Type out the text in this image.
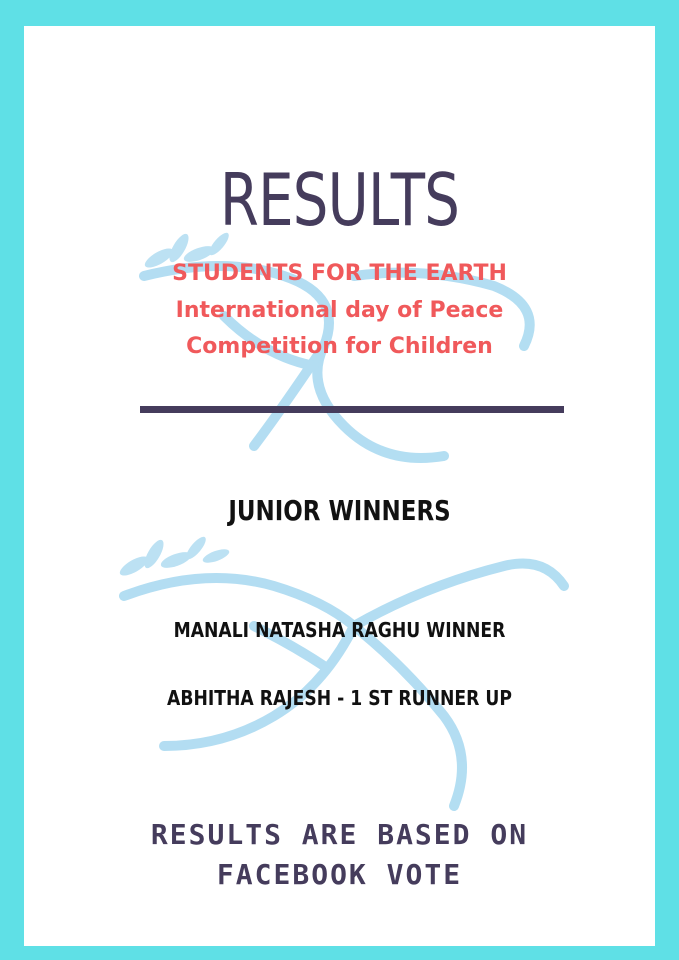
RESULTS
STUDENTS FOR THE EARTH
International day of Peace
Competition for Children
JUNIOR WINNERS
MANALI NATASHA RAGHU WINNER
ABHITHA RAJESH - 1 ST RUNNER UP
RESULTS ARE BASED ON
FACEBOOK VOTE
